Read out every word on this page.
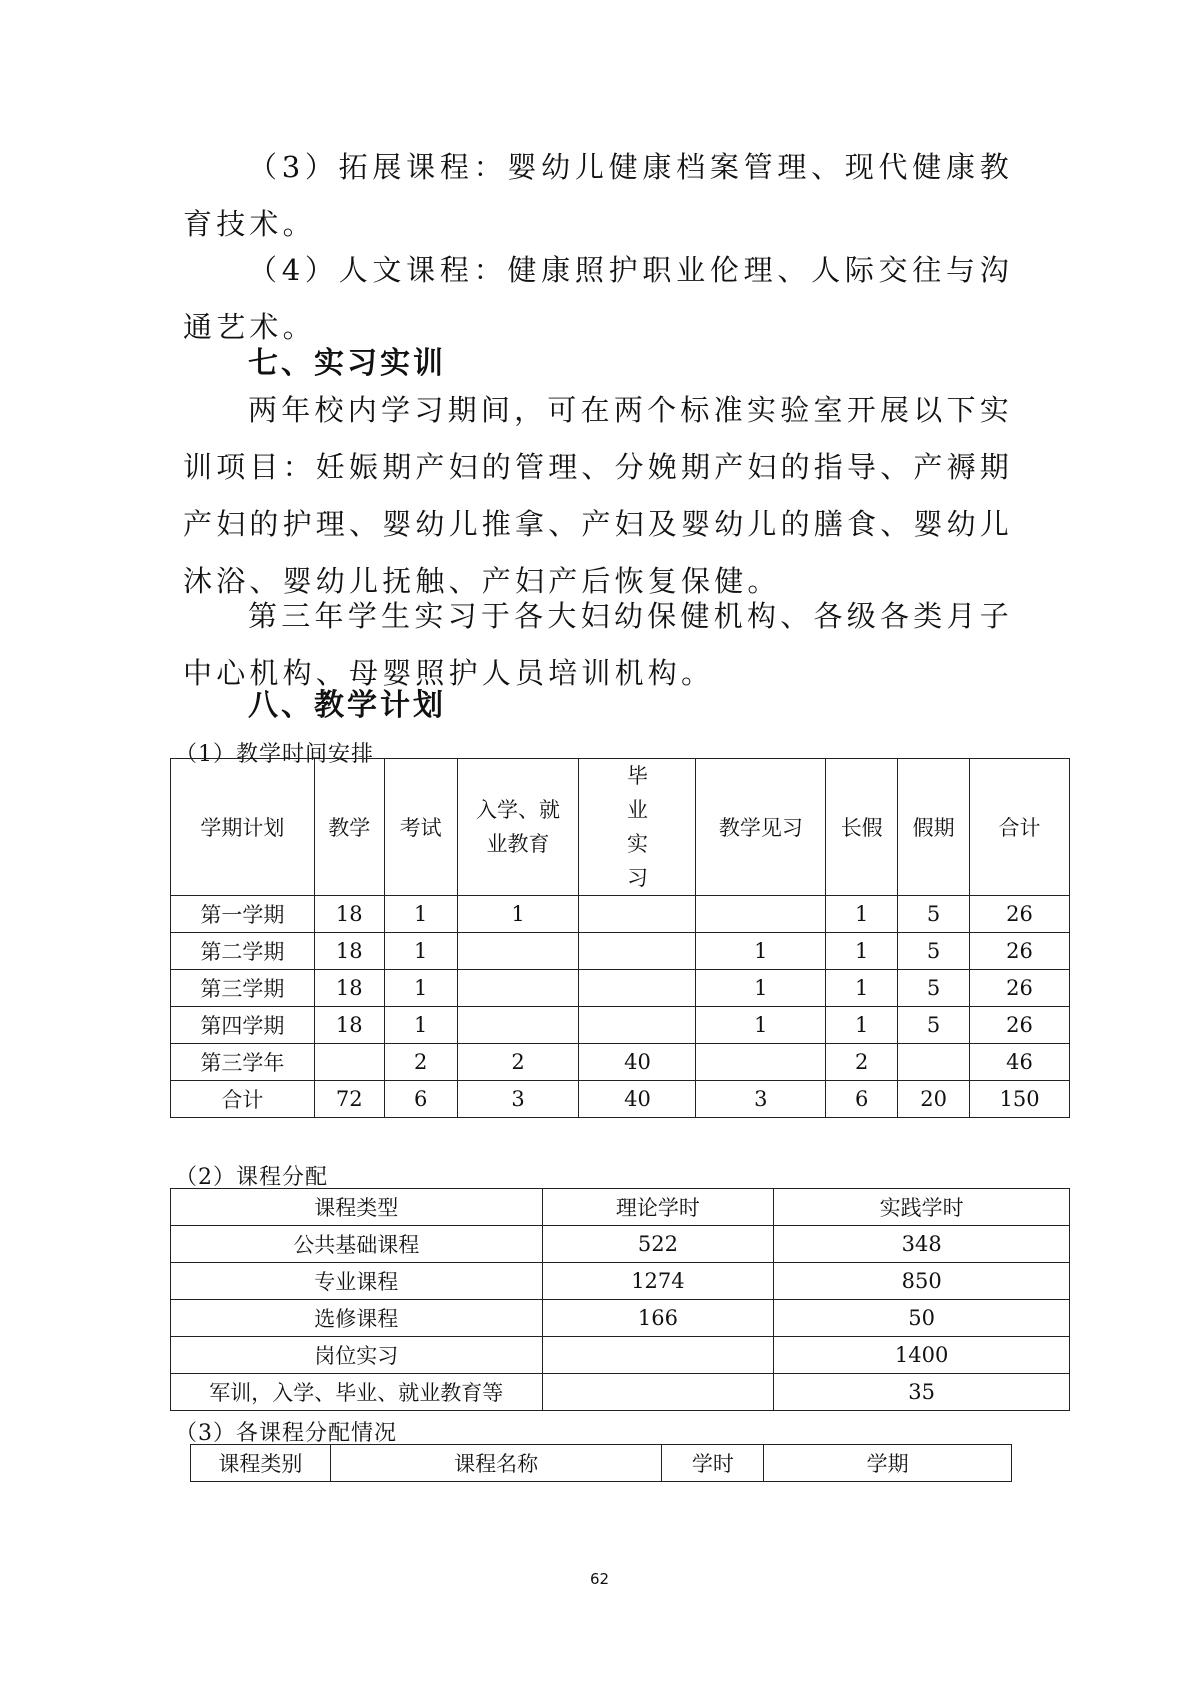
（3）拓展课程：婴幼儿健康档案管理、现代健康教育技术。

（4）人文课程：健康照护职业伦理、人际交往与沟通艺术。

七、实习实训

两年校内学习期间，可在两个标准实验室开展以下实训项目：妊娠期产妇的管理、分娩期产妇的指导、产褥期产妇的护理、婴幼儿推拿、产妇及婴幼儿的膳食、婴幼儿沐浴、婴幼儿抚触、产妇产后恢复保健。

第三年学生实习于各大妇幼保健机构、各级各类月子中心机构、母婴照护人员培训机构。

八、教学计划

（1）教学时间安排

学期计划	教学	考试	入学、就业教育	毕业实习	教学见习	长假	假期	合计
第一学期	18	1	1			1	5	26
第二学期	18	1			1	1	5	26
第三学期	18	1			1	1	5	26
第四学期	18	1			1	1	5	26
第三学年		2	2	40		2		46
合计	72	6	3	40	3	6	20	150

（2）课程分配

课程类型	理论学时	实践学时
公共基础课程	522	348
专业课程	1274	850
选修课程	166	50
岗位实习		1400
军训，入学、毕业、就业教育等		35

（3）各课程分配情况

课程类别	课程名称	学时	学期
62
